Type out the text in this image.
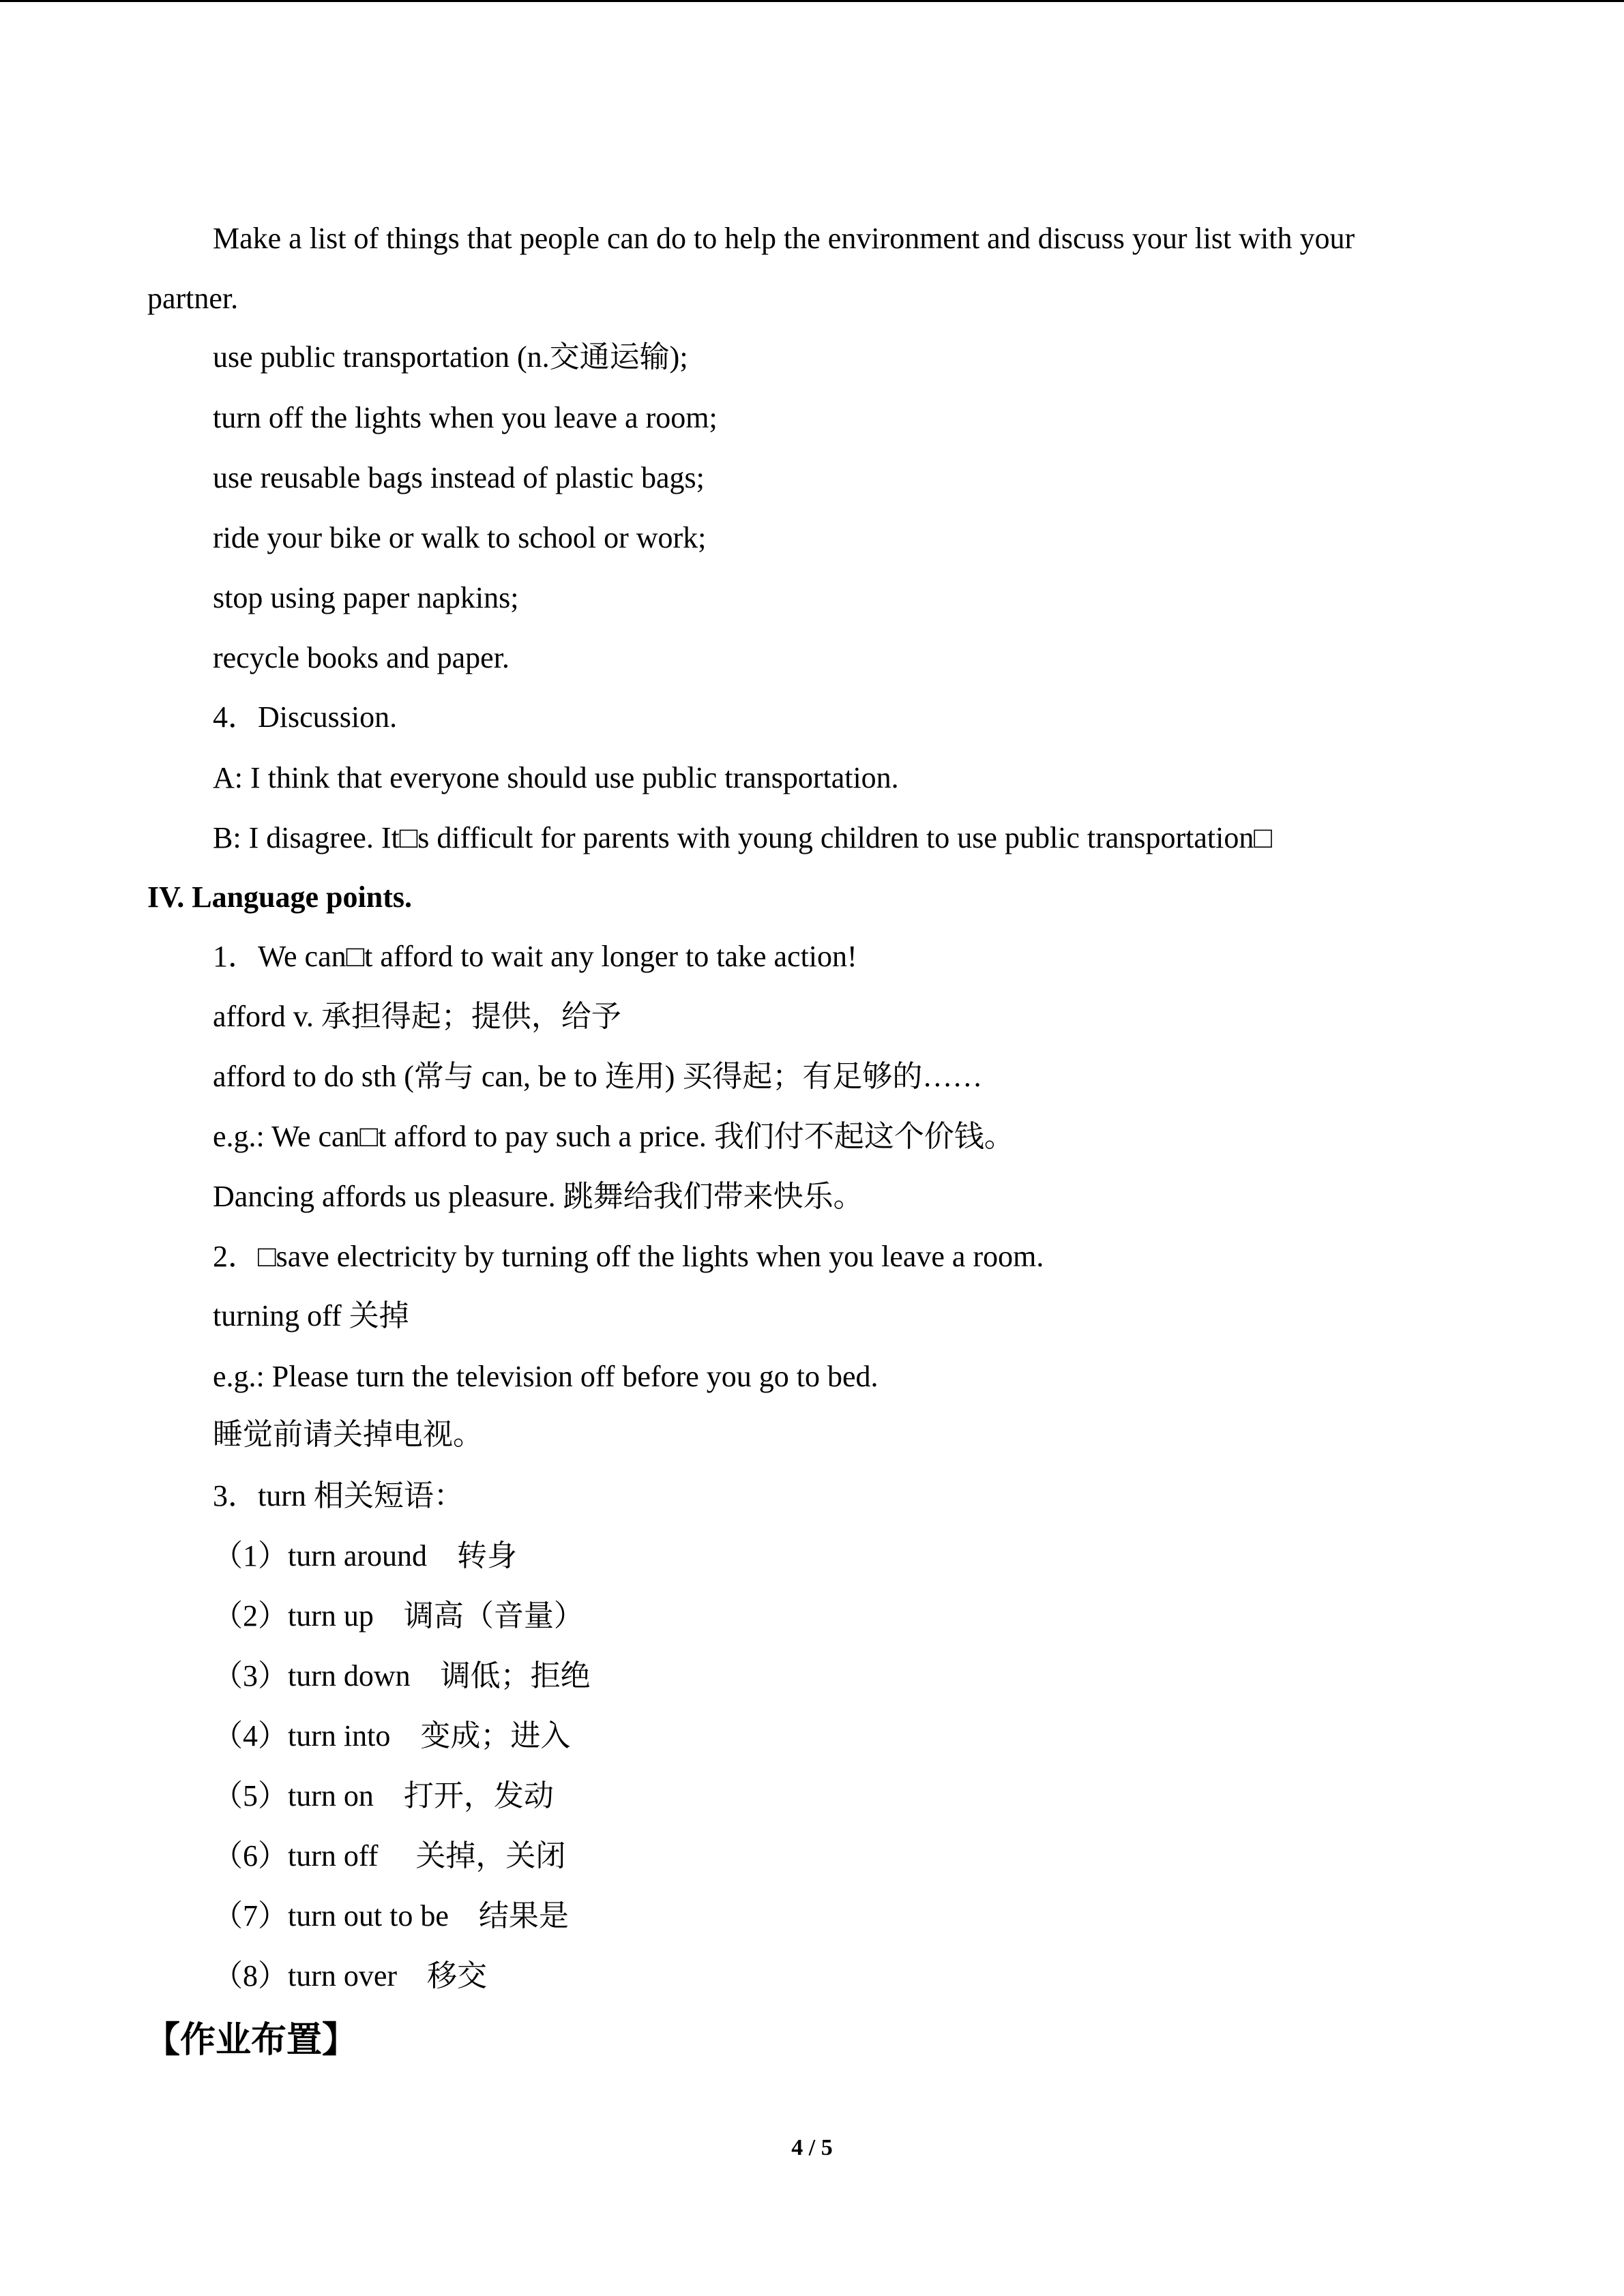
Make a list of things that people can do to help the environment and discuss your list with your
partner.
use public transportation (n.交通运输);
turn off the lights when you leave a room;
use reusable bags instead of plastic bags;
ride your bike or walk to school or work;
stop using paper napkins;
recycle books and paper.
4．Discussion.
A: I think that everyone should use public transportation.
B: I disagree. It□s difficult for parents with young children to use public transportation□
IV. Language points.
1．We can□t afford to wait any longer to take action!
afford v. 承担得起；提供，给予
afford to do sth (常与 can, be to 连用) 买得起；有足够的……
e.g.: We can□t afford to pay such a price. 我们付不起这个价钱。
Dancing affords us pleasure. 跳舞给我们带来快乐。
2．□save electricity by turning off the lights when you leave a room.
turning off 关掉
e.g.: Please turn the television off before you go to bed.
睡觉前请关掉电视。
3．turn 相关短语：
（1）turn around　转身
（2）turn up　调高（音量）
（3）turn down　调低；拒绝
（4）turn into　变成；进入
（5）turn on　打开，发动
（6）turn off　 关掉，关闭
（7）turn out to be　结果是
（8）turn over　移交
【作业布置】
4 / 5
